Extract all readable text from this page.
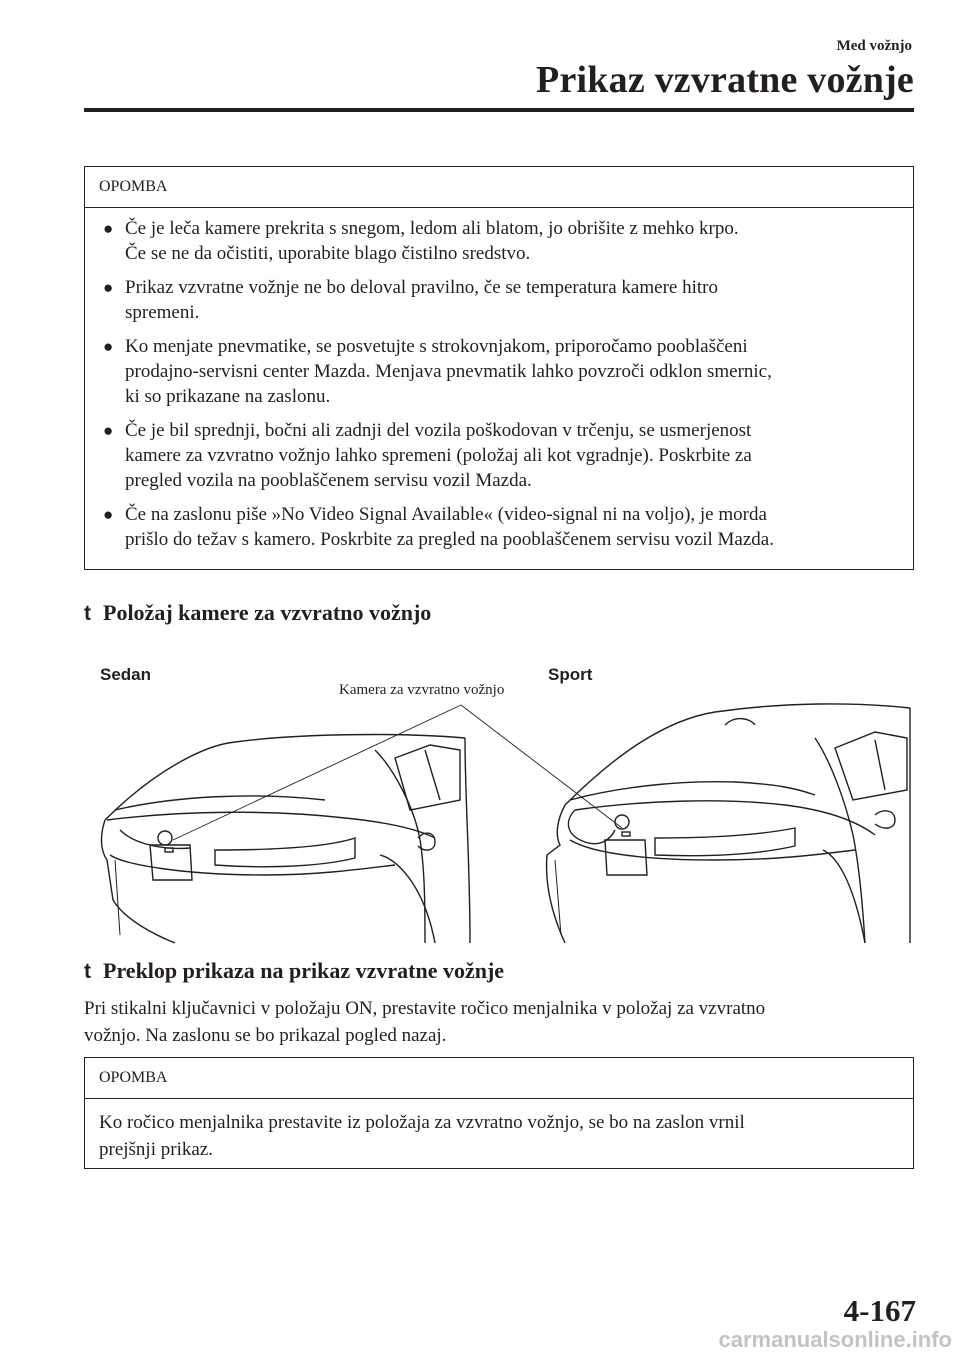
Med vožnjo
Prikaz vzvratne vožnje
OPOMBA
● Če je leča kamere prekrita s snegom, ledom ali blatom, jo obrišite z mehko krpo.
Če se ne da očistiti, uporabite blago čistilno sredstvo.
● Prikaz vzvratne vožnje ne bo deloval pravilno, če se temperatura kamere hitro
spremeni.
● Ko menjate pnevmatike, se posvetujte s strokovnjakom, priporočamo pooblaščeni
prodajno-servisni center Mazda. Menjava pnevmatik lahko povzroči odklon smernic,
ki so prikazane na zaslonu.
● Če je bil sprednji, bočni ali zadnji del vozila poškodovan v trčenju, se usmerjenost
kamere za vzvratno vožnjo lahko spremeni (položaj ali kot vgradnje). Poskrbite za
pregled vozila na pooblaščenem servisu vozil Mazda.
● Če na zaslonu piše »No Video Signal Available« (video-signal ni na voljo), je morda
prišlo do težav s kamero. Poskrbite za pregled na pooblaščenem servisu vozil Mazda.
t Položaj kamere za vzvratno vožnjo
Sedan	Sport
Kamera za vzvratno vožnjo
t Preklop prikaza na prikaz vzvratne vožnje
Pri stikalni ključavnici v položaju ON, prestavite ročico menjalnika v položaj za vzvratno
vožnjo. Na zaslonu se bo prikazal pogled nazaj.
OPOMBA
Ko ročico menjalnika prestavite iz položaja za vzvratno vožnjo, se bo na zaslon vrnil
prejšnji prikaz.
4-167
carmanualsonline.info
